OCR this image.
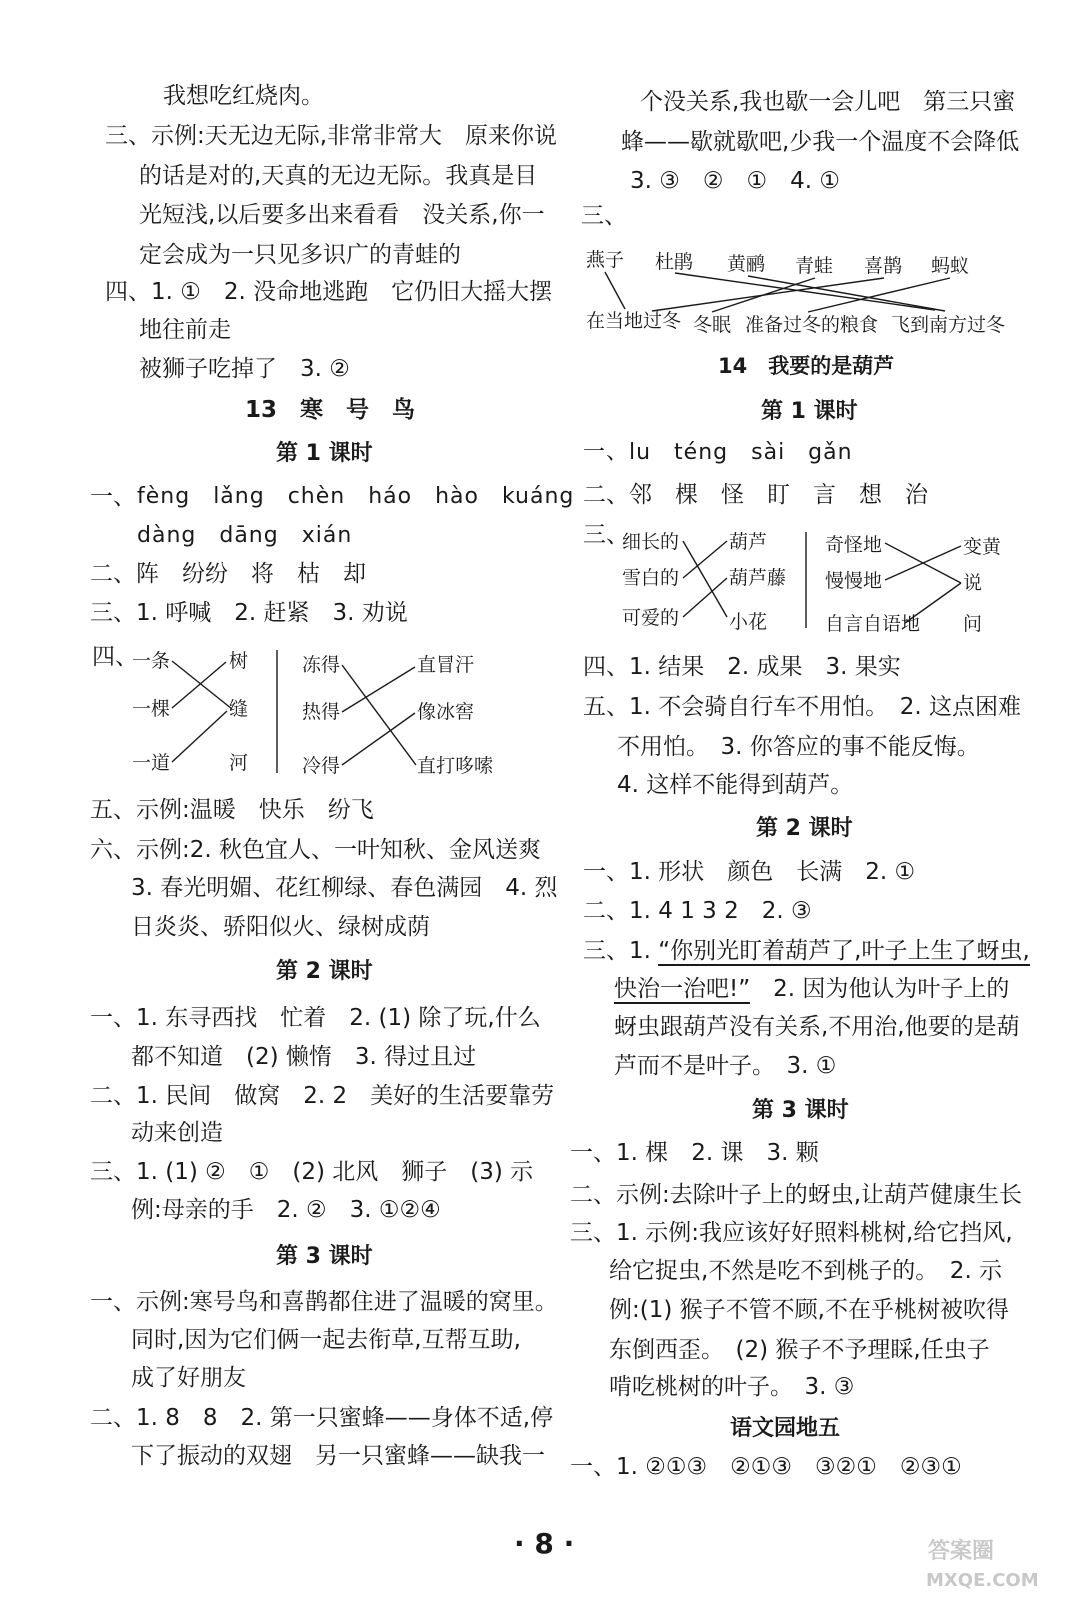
我想吃红烧肉。
三、示例:天无边无际,非常非常大　原来你说
的话是对的,天真的无边无际。我真是目
光短浅,以后要多出来看看　没关系,你一
定会成为一只见多识广的青蛙的
四、1. ①　2. 没命地逃跑　它仍旧大摇大摆
地往前走
被狮子吃掉了　3. ②
13　寒　号　鸟
第 1 课时
一、 fèng　lǎng　chèn　háo　hào　kuáng
dàng　dāng　xián
二、阵　纷纷　将　枯　却
三、1. 呼喊　2. 赶紧　3. 劝说
四、
一条
一棵
一道
树
缝
河
冻得
热得
冷得
直冒汗
像冰窖
直打哆嗦
五、示例:温暖　快乐　纷飞
六、示例:2. 秋色宜人、一叶知秋、金风送爽
3. 春光明媚、花红柳绿、春色满园　4. 烈
日炎炎、骄阳似火、绿树成荫
第 2 课时
一、1. 东寻西找　忙着　2. (1) 除了玩,什么
都不知道　(2) 懒惰　3. 得过且过
二、1. 民间　做窝　2. 2　美好的生活要靠劳
动来创造
三、1. (1) ②　①　(2) 北风　狮子　(3) 示
例:母亲的手　2. ②　3. ①②④
第 3 课时
一、示例:寒号鸟和喜鹊都住进了温暖的窝里。
同时,因为它们俩一起去衔草,互帮互助,
成了好朋友
二、1. 8　8　2. 第一只蜜蜂——身体不适,停
下了振动的双翅　另一只蜜蜂——缺我一
个没关系,我也歇一会儿吧　第三只蜜
蜂——歇就歇吧,少我一个温度不会降低
3. ③　②　①　4. ①
三、
燕子 杜鹃 黄鹂 青蛙 喜鹊 蚂蚁
在当地过冬 冬眠 准备过冬的粮食 飞到南方过冬
14　我要的是葫芦
第 1 课时
一、lu　téng　sài　gǎn
二、邻　棵　怪　盯　言　想　治
三、
细长的
雪白的
可爱的
葫芦
葫芦藤
小花
奇怪地
慢慢地
自言自语地
变黄
说
问
四、1. 结果　2. 成果　3. 果实
五、1. 不会骑自行车不用怕。　2. 这点困难
不用怕。　3. 你答应的事不能反悔。
4. 这样不能得到葫芦。
第 2 课时
一、1. 形状　颜色　长满　2. ①
二、1. 4 1 3 2　2. ③
三、1. “你别光盯着葫芦了,叶子上生了蚜虫,
快治一治吧!”　2. 因为他认为叶子上的
蚜虫跟葫芦没有关系,不用治,他要的是葫
芦而不是叶子。　3. ①
第 3 课时
一、1. 棵　2. 课　3. 颗
二、示例:去除叶子上的蚜虫,让葫芦健康生长
三、1. 示例:我应该好好照料桃树,给它挡风,
给它捉虫,不然是吃不到桃子的。　2. 示
例:(1) 猴子不管不顾,不在乎桃树被吹得
东倒西歪。　(2) 猴子不予理睬,任虫子
啃吃桃树的叶子。　3. ③
语文园地五
一、1. ②①③　②①③　③②①　②③①
· 8 ·	答案圈
MXQE.COM
